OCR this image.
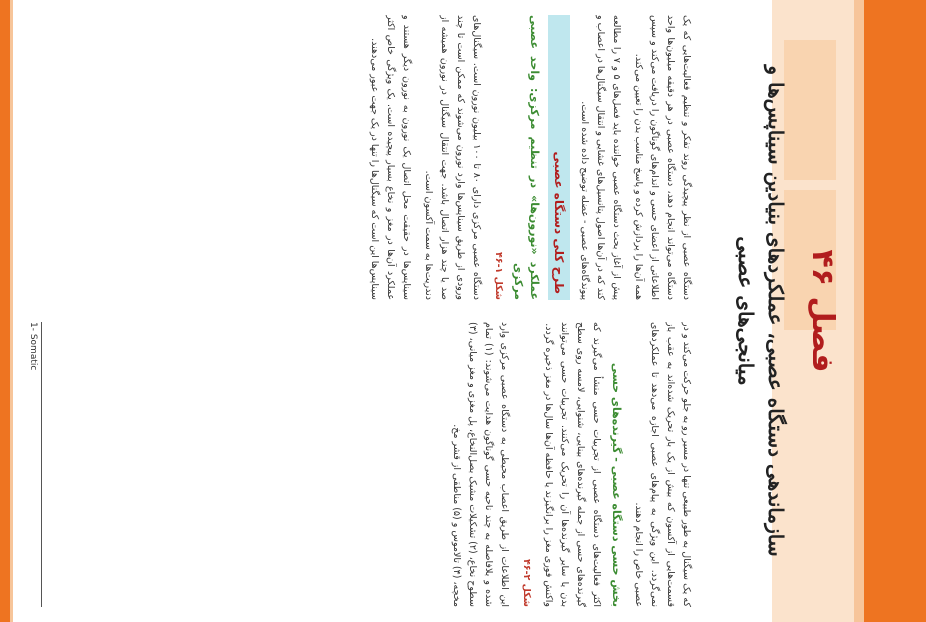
فصل ۴۶
سازماندهی دستگاه عصبی، عملکردهای بنیادین سیناپس‌ها و میانجی‌های عصبی

دستگاه عصبی از نظر پیچیدگی روند تفکر و تنظیم فعالیت‌هایی که یک دستگاه می‌تواند انجام دهد، دستگاه عصبی در هر دقیقه میلیون‌ها واحد اطلاعاتی از اعضای حسی و اندام‌های گوناگون را دریافت می‌کند و سپس همه آن‌ها را پردازش کرده و پاسخ مناسب بدن را تعیین می‌کند.

پیش از آغاز بحث دستگاه عصبی خواننده باید فصل‌های ۵ و ۷ را مطالعه کند که در آن‌ها اصول پتانسیل‌های غشایی و انتقال سیگنال‌ها در اعصاب و پیوندگاه‌های عصبی - عضله توضیح داده شده است.

طرح کلی دستگاه عصبی
عملکرد «نورون‌ها» در تنظیم مرکزی: واحد عصبی مرکزی

شکل ۱-۴۶

دستگاه عصبی مرکزی دارای ۸۰ تا ۱۰۰ بیلیون نورون است. سیگنال‌های ورودی از طریق سیناپس‌ها وارد نورون می‌شوند که ممکن است تا چند صد یا چند هزار اتصال باشد. جهت انتقال سیگنال در نورون همیشه از دندریت‌ها به سمت آکسون است.

سیناپس‌ها در حقیقت محل اتصال یک نورون به نورون دیگر هستند و عملکرد آن‌ها در مغز و نخاع بسیار پیچیده است. یک ویژگی خاص اکثر سیناپس‌ها این است که سیگنال‌ها را تنها در یک جهت عبور می‌دهند.

که یک سیگنال به طور طبیعی تنها در مسیر رو به جلو حرکت می‌کند و در قسمت‌هایی از آکسون که بیش از یک بار تحریک شده‌اند به عقب باز نمی‌گردد. این ویژگی به پیام‌های عصبی اجازه می‌دهد تا عملکردهای عصبی خاص را انجام دهند.

بخش حسی دستگاه عصبی - گیرنده‌های حسی

اکثر فعالیت‌های دستگاه عصبی از تجربیات حسی منشأ می‌گیرند که گیرنده‌های حسی از جمله گیرنده‌های بینایی، شنوایی، لامسه روی سطح بدن یا سایر گیرنده‌ها آن را تحریک می‌کنند. تجربیات حسی می‌توانند واکنش فوری مغز را برانگیزند یا حافظه آن‌ها سال‌ها در مغز ذخیره گردد.

شکل ۲-۴۶

این اطلاعات از طریق اعصاب محیطی به دستگاه عصبی مرکزی وارد شده و بلافاصله به چند ناحیه حسی گوناگون هدایت می‌شوند: (۱) تمام سطوح نخاع، (۲) تشکیلات مشبک بصل‌النخاع، پل مغزی و مغز میانی، (۳) مخچه، (۴) تالاموس و (۵) مناطقی از قشر مخ.

1- Somatic
